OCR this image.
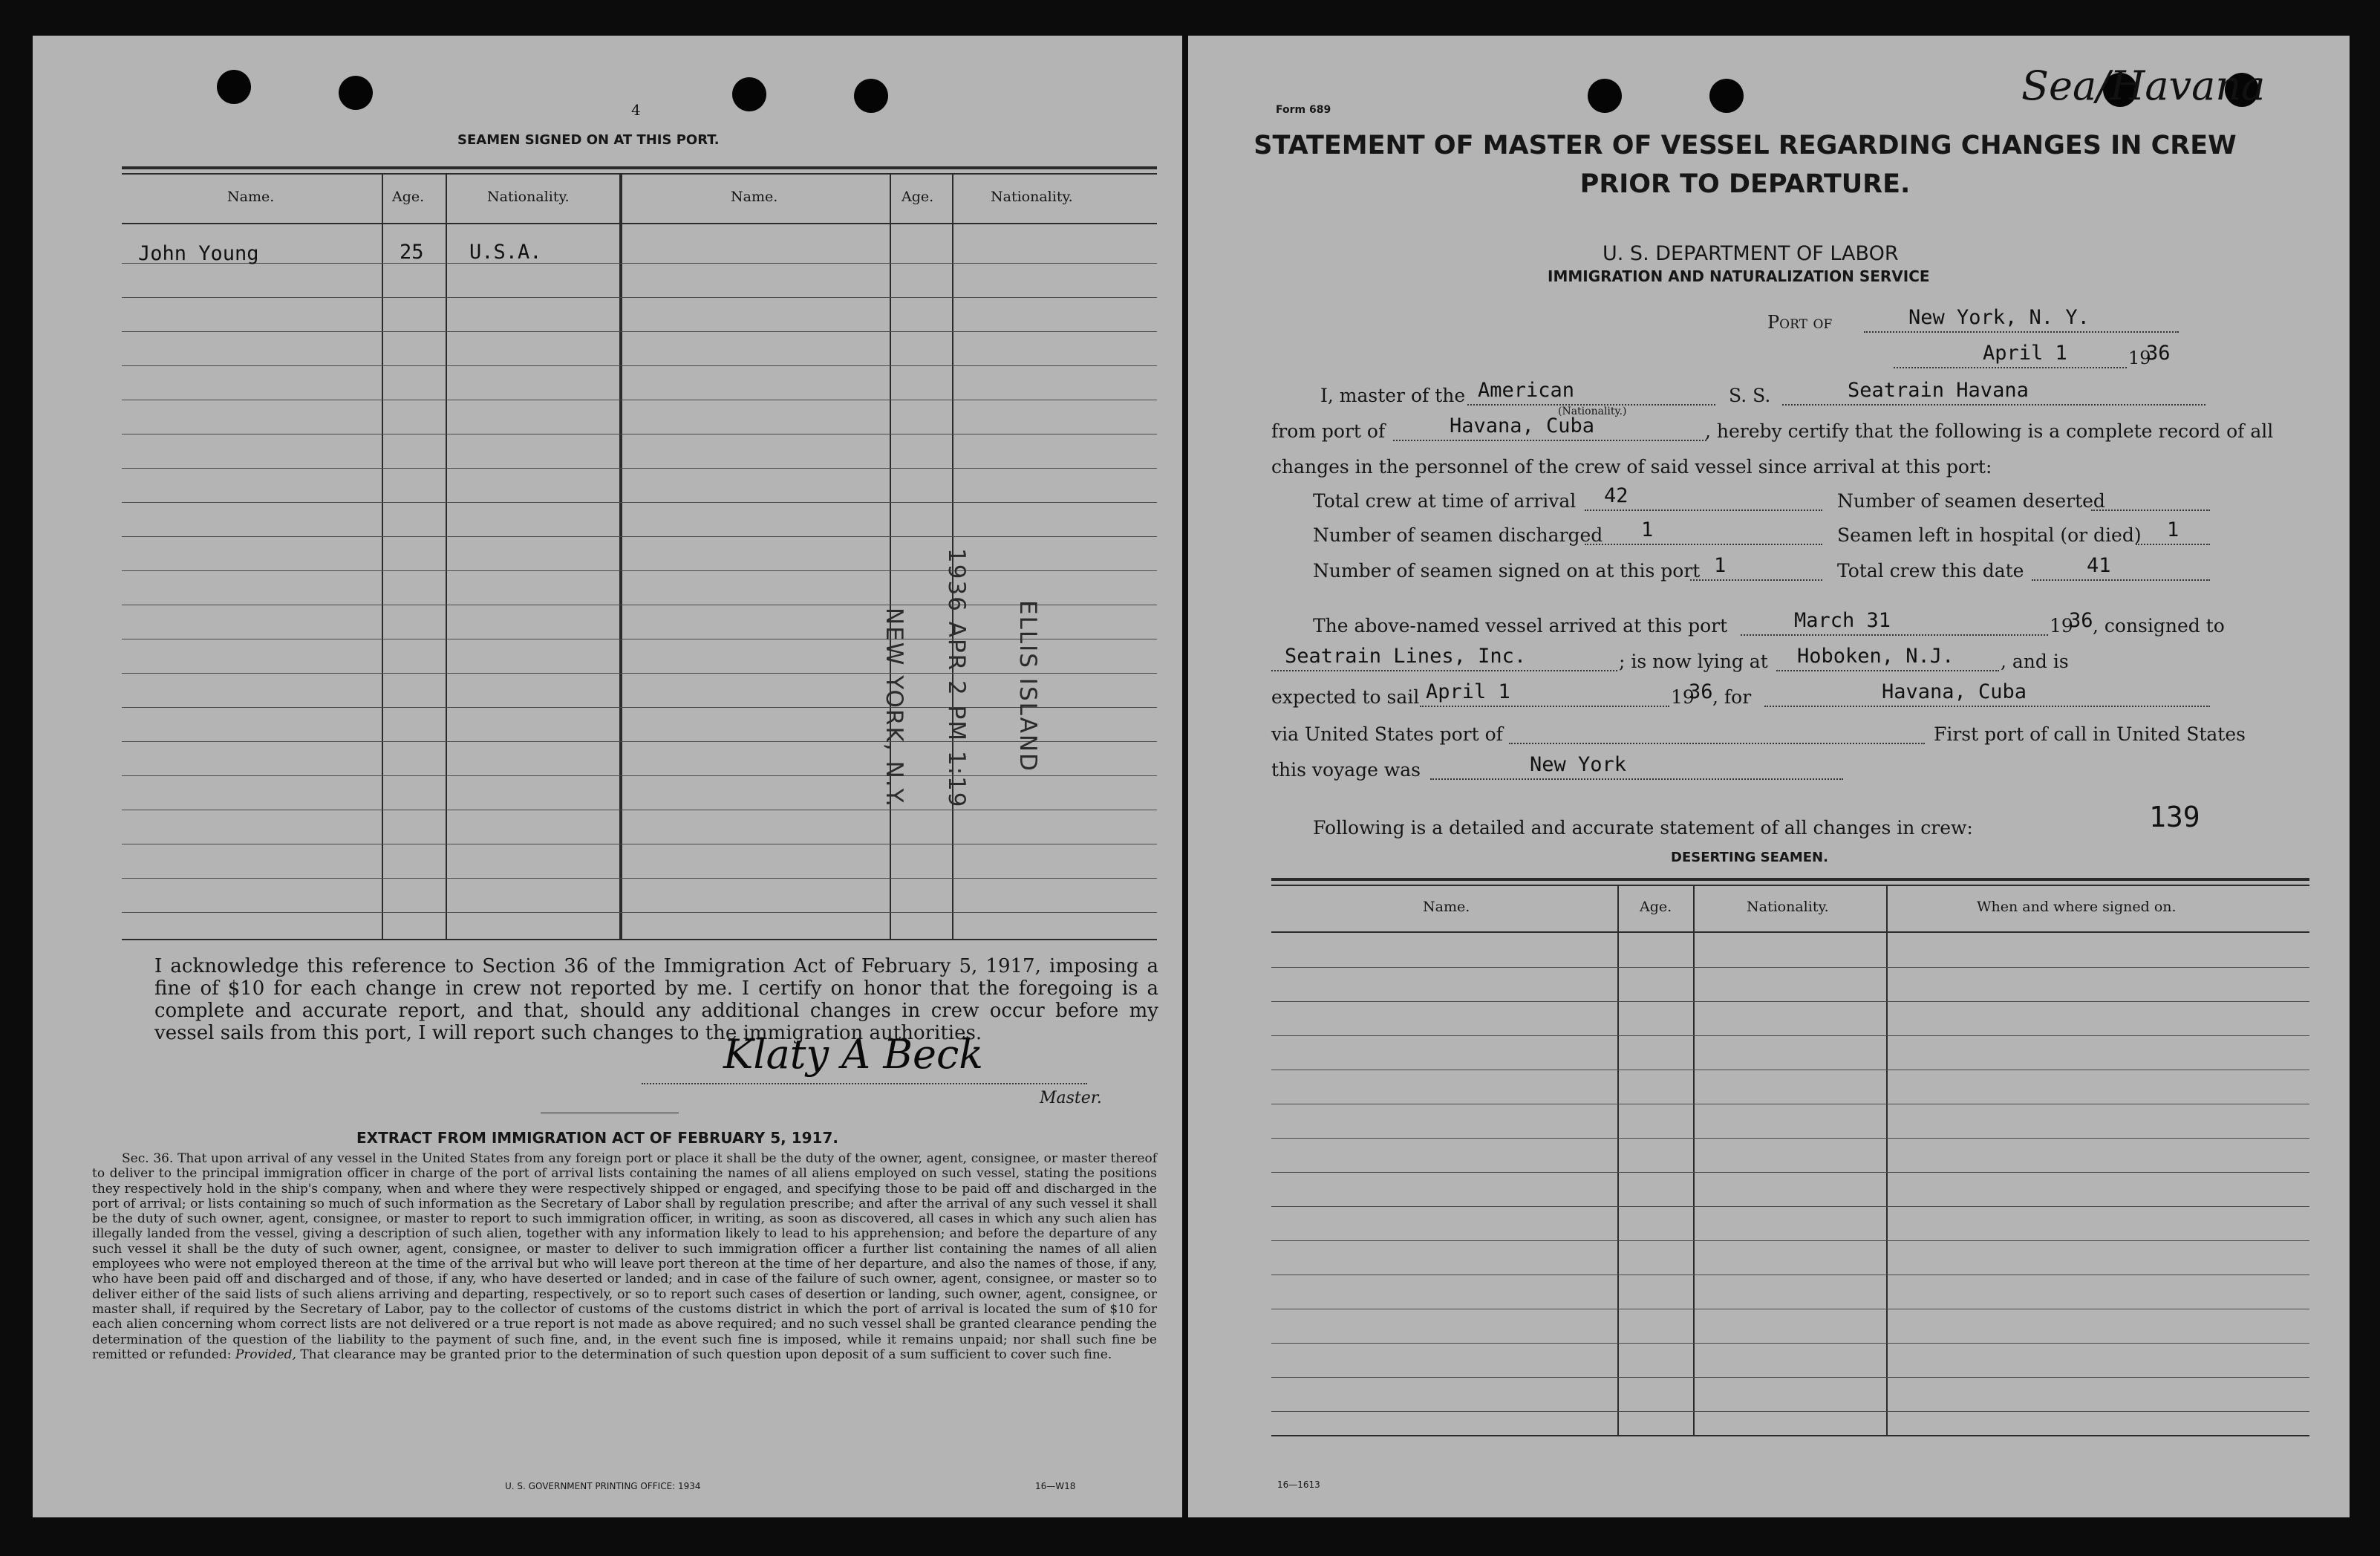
4
SEAMEN SIGNED ON AT THIS PORT.
Name.	Age.	Nationality.	Name.	Age.	Nationality.
John Young	25 U.S.A.
ELLIS ISLAND
1936 APR 2 PM 1:19
NEW YORK, N.Y.
I acknowledge this reference to Section 36 of the Immigration Act of February 5, 1917, imposing a fine of $10 for each change in crew not reported by me. I certify on honor that the foregoing is a complete and accurate report, and that, should any additional changes in crew occur before my vessel sails from this port, I will report such changes to the immigration authorities.
Klaty A Beck
Master.
EXTRACT FROM IMMIGRATION ACT OF FEBRUARY 5, 1917.
Sec. 36. That upon arrival of any vessel in the United States from any foreign port or place it shall be the duty of the owner, agent, consignee, or master thereof to deliver to the principal immigration officer in charge of the port of arrival lists containing the names of all aliens employed on such vessel, stating the positions they respectively hold in the ship's company, when and where they were respectively shipped or engaged, and specifying those to be paid off and discharged in the port of arrival; or lists containing so much of such information as the Secretary of Labor shall by regulation prescribe; and after the arrival of any such vessel it shall be the duty of such owner, agent, consignee, or master to report to such immigration officer, in writing, as soon as discovered, all cases in which any such alien has illegally landed from the vessel, giving a description of such alien, together with any information likely to lead to his apprehension; and before the departure of any such vessel it shall be the duty of such owner, agent, consignee, or master to deliver to such immigration officer a further list containing the names of all alien employees who were not employed thereon at the time of the arrival but who will leave port thereon at the time of her departure, and also the names of those, if any, who have been paid off and discharged and of those, if any, who have deserted or landed; and in case of the failure of such owner, agent, consignee, or master so to deliver either of the said lists of such aliens arriving and departing, respectively, or so to report such cases of desertion or landing, such owner, agent, consignee, or master shall, if required by the Secretary of Labor, pay to the collector of customs of the customs district in which the port of arrival is located the sum of $10 for each alien concerning whom correct lists are not delivered or a true report is not made as above required; and no such vessel shall be granted clearance pending the determination of the question of the liability to the payment of such fine, and, in the event such fine is imposed, while it remains unpaid; nor shall such fine be remitted or refunded: Provided, That clearance may be granted prior to the determination of such question upon deposit of a sum sufficient to cover such fine.
U. S. GOVERNMENT PRINTING OFFICE: 1934	16—W18
Form 689
Sea/Havana
STATEMENT OF MASTER OF VESSEL REGARDING CHANGES IN CREW
PRIOR TO DEPARTURE.
U. S. DEPARTMENT OF LABOR
IMMIGRATION AND NATURALIZATION SERVICE
Port of	New York, N. Y.
April 1	19
36
I, master of the American	S. S.	Seatrain Havana
(Nationality.)
from port of	Havana, Cuba	, hereby certify that the following is a complete record of all
changes in the personnel of the crew of said vessel since arrival at this port:
Total crew at time of arrival 42	Number of seamen deserted
Number of seamen discharged 1	Seamen left in hospital (or died) 1
Number of seamen signed on at this port 1	Total crew this date	41
The above-named vessel arrived at this port	March 31	19
36 , consigned to
Seatrain Lines, Inc.	; is now lying at Hoboken, N.J.	, and is
expected to sail April 1	19
36 , for	Havana, Cuba
via United States port of	First port of call in United States
this voyage was	New York
Following is a detailed and accurate statement of all changes in crew:	139
DESERTING SEAMEN.
Name.	Age.	Nationality.	When and where signed on.
16—1613
